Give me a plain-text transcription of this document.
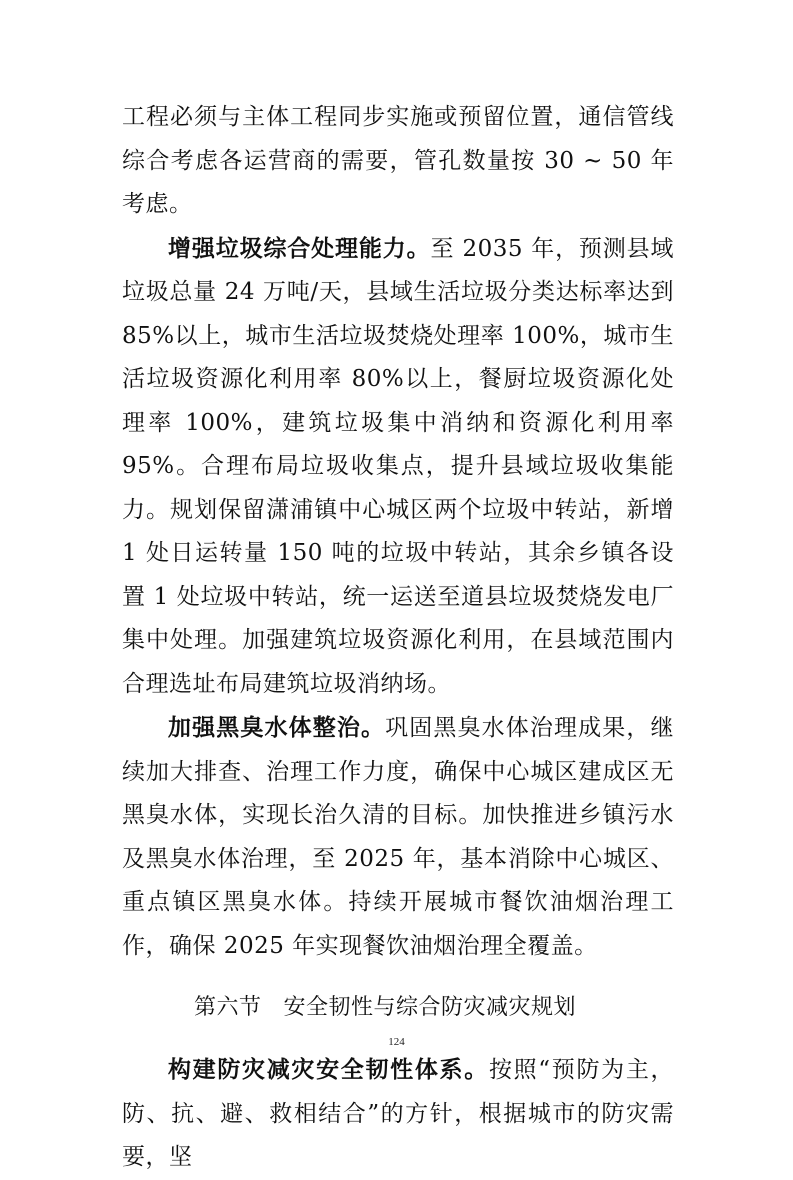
工程必须与主体工程同步实施或预留位置，通信管线综合考虑各运营商的需要，管孔数量按 30 ~ 50 年考虑。

增强垃圾综合处理能力。至 2035 年，预测县域垃圾总量 24 万吨/天，县域生活垃圾分类达标率达到 85%以上，城市生活垃圾焚烧处理率 100%，城市生活垃圾资源化利用率 80%以上，餐厨垃圾资源化处理率 100%，建筑垃圾集中消纳和资源化利用率 95%。合理布局垃圾收集点，提升县域垃圾收集能力。规划保留潇浦镇中心城区两个垃圾中转站，新增 1 处日运转量 150 吨的垃圾中转站，其余乡镇各设置 1 处垃圾中转站，统一运送至道县垃圾焚烧发电厂集中处理。加强建筑垃圾资源化利用，在县域范围内合理选址布局建筑垃圾消纳场。

加强黑臭水体整治。巩固黑臭水体治理成果，继续加大排查、治理工作力度，确保中心城区建成区无黑臭水体，实现长治久清的目标。加快推进乡镇污水及黑臭水体治理，至 2025 年，基本消除中心城区、重点镇区黑臭水体。持续开展城市餐饮油烟治理工作，确保 2025 年实现餐饮油烟治理全覆盖。

第六节 安全韧性与综合防灾减灾规划

构建防灾减灾安全韧性体系。按照“预防为主，防、抗、避、救相结合”的方针，根据城市的防灾需要，坚

124
